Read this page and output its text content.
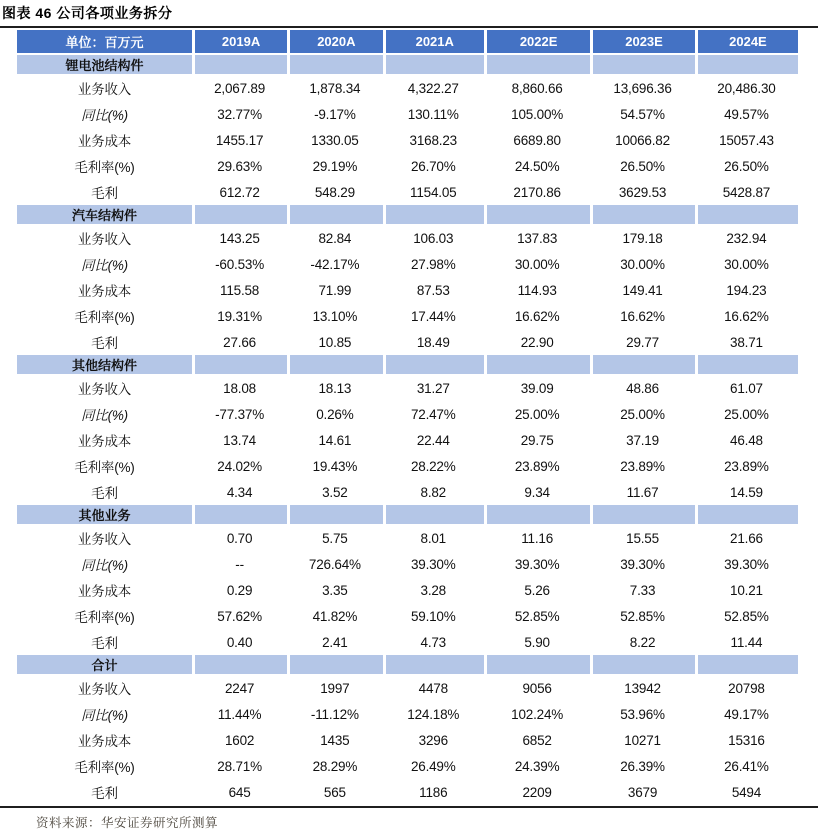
图表 46 公司各项业务拆分
单位：百万元	2019A	2020A	2021A	2022E	2023E	2024E
锂电池结构件						
业务收入	2,067.89	1,878.34	4,322.27	8,860.66	13,696.36	20,486.30
同比(%)	32.77%	-9.17%	130.11%	105.00%	54.57%	49.57%
业务成本	1455.17	1330.05	3168.23	6689.80	10066.82	15057.43
毛利率(%)	29.63%	29.19%	26.70%	24.50%	26.50%	26.50%
毛利	612.72	548.29	1154.05	2170.86	3629.53	5428.87
汽车结构件						
业务收入	143.25	82.84	106.03	137.83	179.18	232.94
同比(%)	-60.53%	-42.17%	27.98%	30.00%	30.00%	30.00%
业务成本	115.58	71.99	87.53	114.93	149.41	194.23
毛利率(%)	19.31%	13.10%	17.44%	16.62%	16.62%	16.62%
毛利	27.66	10.85	18.49	22.90	29.77	38.71
其他结构件						
业务收入	18.08	18.13	31.27	39.09	48.86	61.07
同比(%)	-77.37%	0.26%	72.47%	25.00%	25.00%	25.00%
业务成本	13.74	14.61	22.44	29.75	37.19	46.48
毛利率(%)	24.02%	19.43%	28.22%	23.89%	23.89%	23.89%
毛利	4.34	3.52	8.82	9.34	11.67	14.59
其他业务						
业务收入	0.70	5.75	8.01	11.16	15.55	21.66
同比(%)	--	726.64%	39.30%	39.30%	39.30%	39.30%
业务成本	0.29	3.35	3.28	5.26	7.33	10.21
毛利率(%)	57.62%	41.82%	59.10%	52.85%	52.85%	52.85%
毛利	0.40	2.41	4.73	5.90	8.22	11.44
合计						
业务收入	2247	1997	4478	9056	13942	20798
同比(%)	11.44%	-11.12%	124.18%	102.24%	53.96%	49.17%
业务成本	1602	1435	3296	6852	10271	15316
毛利率(%)	28.71%	28.29%	26.49%	24.39%	26.39%	26.41%
毛利	645	565	1186	2209	3679	5494
资料来源：华安证券研究所测算
